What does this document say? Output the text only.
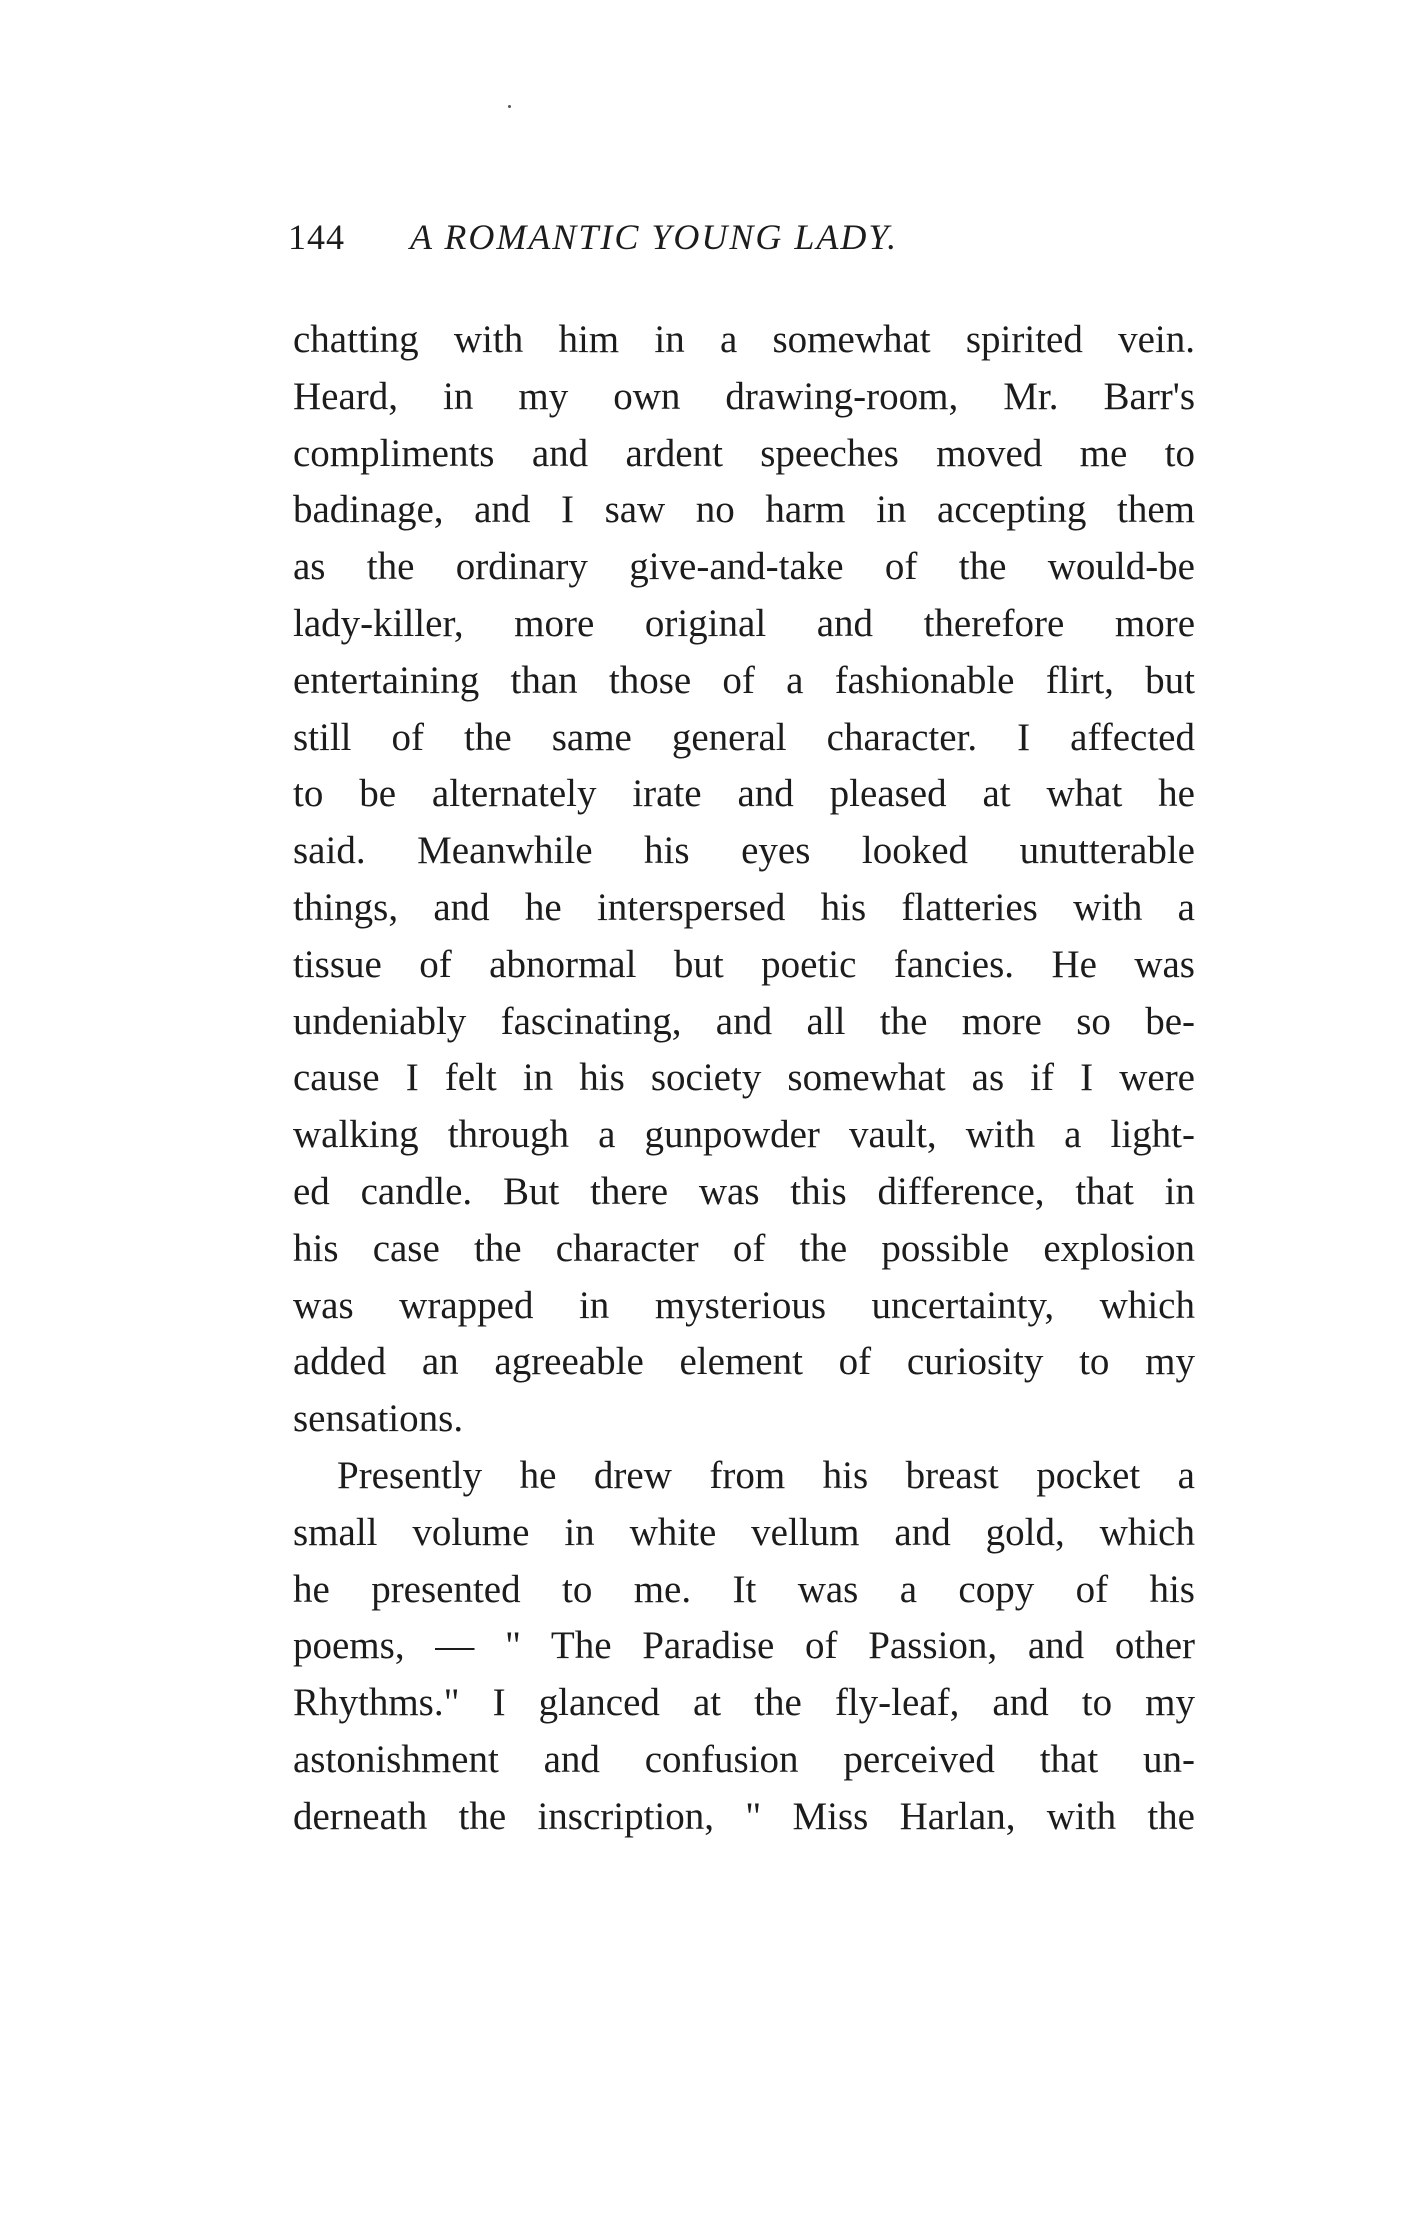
144 A ROMANTIC YOUNG LADY.
chatting with him in a somewhat spirited vein.
Heard, in my own drawing-room, Mr. Barr's
compliments and ardent speeches moved me to
badinage, and I saw no harm in accepting them
as the ordinary give-and-take of the would-be
lady-killer, more original and therefore more
entertaining than those of a fashionable flirt, but
still of the same general character. I affected
to be alternately irate and pleased at what he
said. Meanwhile his eyes looked unutterable
things, and he interspersed his flatteries with a
tissue of abnormal but poetic fancies. He was
undeniably fascinating, and all the more so be-
cause I felt in his society somewhat as if I were
walking through a gunpowder vault, with a light-
ed candle. But there was this difference, that in
his case the character of the possible explosion
was wrapped in mysterious uncertainty, which
added an agreeable element of curiosity to my
sensations.
Presently he drew from his breast pocket a
small volume in white vellum and gold, which
he presented to me. It was a copy of his
poems, — " The Paradise of Passion, and other
Rhythms." I glanced at the fly-leaf, and to my
astonishment and confusion perceived that un-
derneath the inscription, " Miss Harlan, with the
